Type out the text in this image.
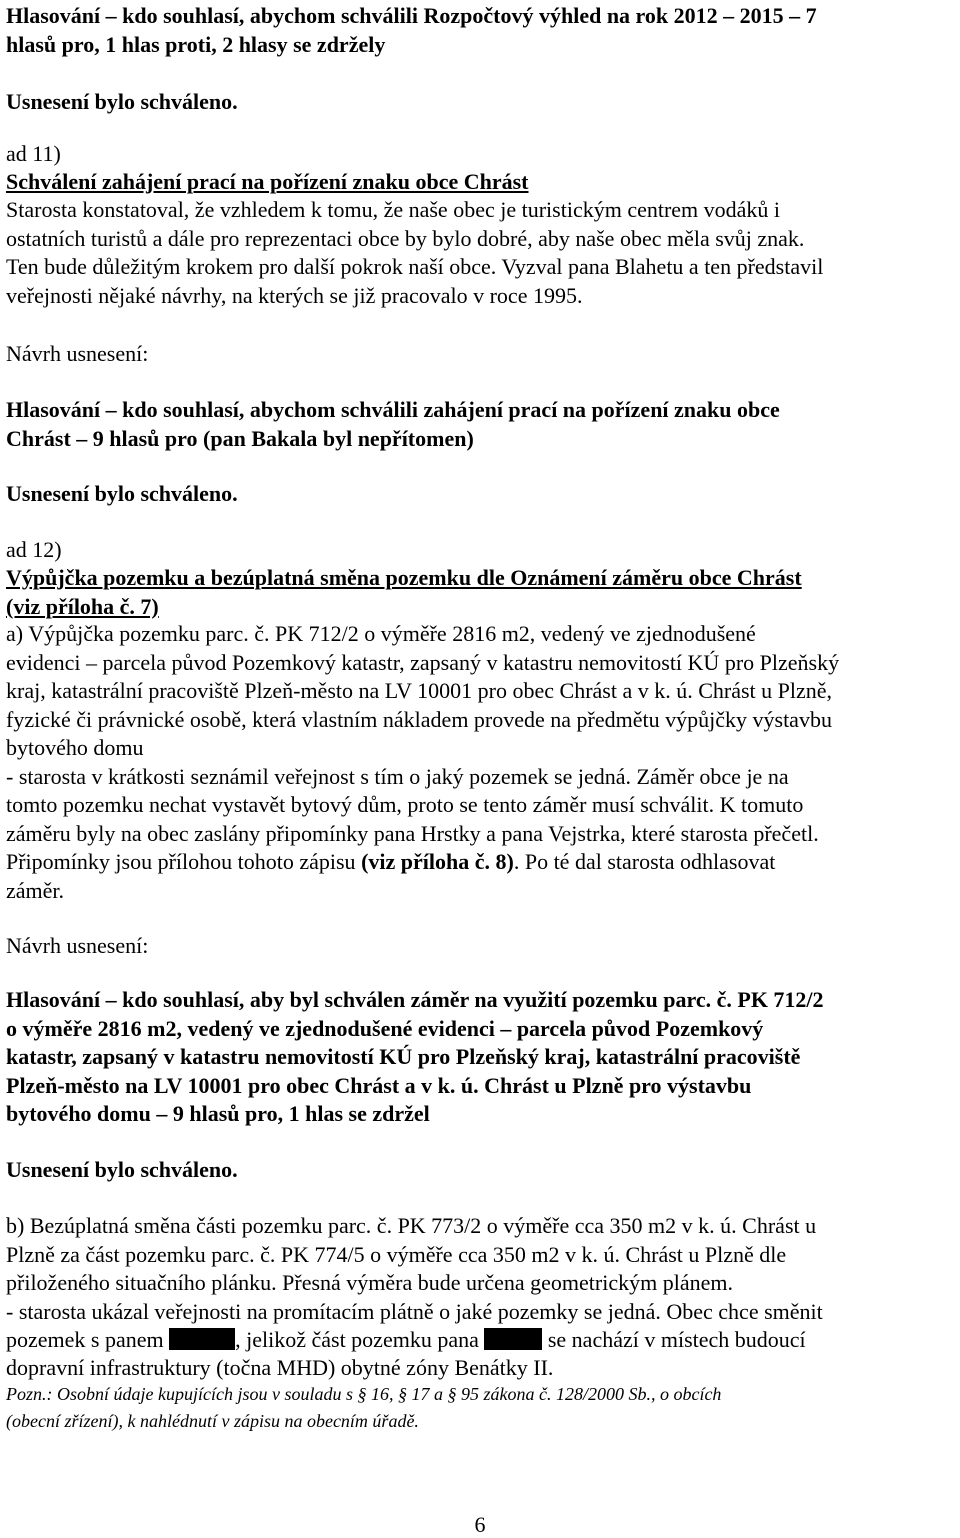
Hlasování – kdo souhlasí, abychom schválili Rozpočtový výhled na rok 2012 – 2015 – 7
hlasů pro, 1 hlas proti, 2 hlasy se zdržely
Usnesení bylo schváleno.
ad 11)
Schválení zahájení prací na pořízení znaku obce Chrást
Starosta konstatoval, že vzhledem k tomu, že naše obec je turistickým centrem vodáků i
ostatních turistů a dále pro reprezentaci obce by bylo dobré, aby naše obec měla svůj znak.
Ten bude důležitým krokem pro další pokrok naší obce. Vyzval pana Blahetu a ten představil
veřejnosti nějaké návrhy, na kterých se již pracovalo v roce 1995.
Návrh usnesení:
Hlasování – kdo souhlasí, abychom schválili zahájení prací na pořízení znaku obce
Chrást – 9 hlasů pro (pan Bakala byl nepřítomen)
Usnesení bylo schváleno.
ad 12)
Výpůjčka pozemku a bezúplatná směna pozemku dle Oznámení záměru obce Chrást
(viz příloha č. 7)
a) Výpůjčka pozemku parc. č. PK 712/2 o výměře 2816 m2, vedený ve zjednodušené
evidenci – parcela původ Pozemkový katastr, zapsaný v katastru nemovitostí KÚ pro Plzeňský
kraj, katastrální pracoviště Plzeň-město na LV 10001 pro obec Chrást a v k. ú. Chrást u Plzně,
fyzické či právnické osobě, která vlastním nákladem provede na předmětu výpůjčky výstavbu
bytového domu
- starosta v krátkosti seznámil veřejnost s tím o jaký pozemek se jedná. Záměr obce je na
tomto pozemku nechat vystavět bytový dům, proto se tento záměr musí schválit. K tomuto
záměru byly na obec zaslány připomínky pana Hrstky a pana Vejstrka, které starosta přečetl.
Připomínky jsou přílohou tohoto zápisu (viz příloha č. 8). Po té dal starosta odhlasovat
záměr.
Návrh usnesení:
Hlasování – kdo souhlasí, aby byl schválen záměr na využití pozemku parc. č. PK 712/2
o výměře 2816 m2, vedený ve zjednodušené evidenci – parcela původ Pozemkový
katastr, zapsaný v katastru nemovitostí KÚ pro Plzeňský kraj, katastrální pracoviště
Plzeň-město na LV 10001 pro obec Chrást a v k. ú. Chrást u Plzně pro výstavbu
bytového domu – 9 hlasů pro, 1 hlas se zdržel
Usnesení bylo schváleno.
b) Bezúplatná směna části pozemku parc. č. PK 773/2 o výměře cca 350 m2 v k. ú. Chrást u
Plzně za část pozemku parc. č. PK 774/5 o výměře cca 350 m2 v k. ú. Chrást u Plzně dle
přiloženého situačního plánku. Přesná výměra bude určena geometrickým plánem.
- starosta ukázal veřejnosti na promítacím plátně o jaké pozemky se jedná. Obec chce směnit
pozemek s panem	, jelikož část pozemku pana	se nachází v místech budoucí
dopravní infrastruktury (točna MHD) obytné zóny Benátky II.
Pozn.: Osobní údaje kupujících jsou v souladu s § 16, § 17 a § 95 zákona č. 128/2000 Sb., o obcích
(obecní zřízení), k nahlédnutí v zápisu na obecním úřadě.
6
